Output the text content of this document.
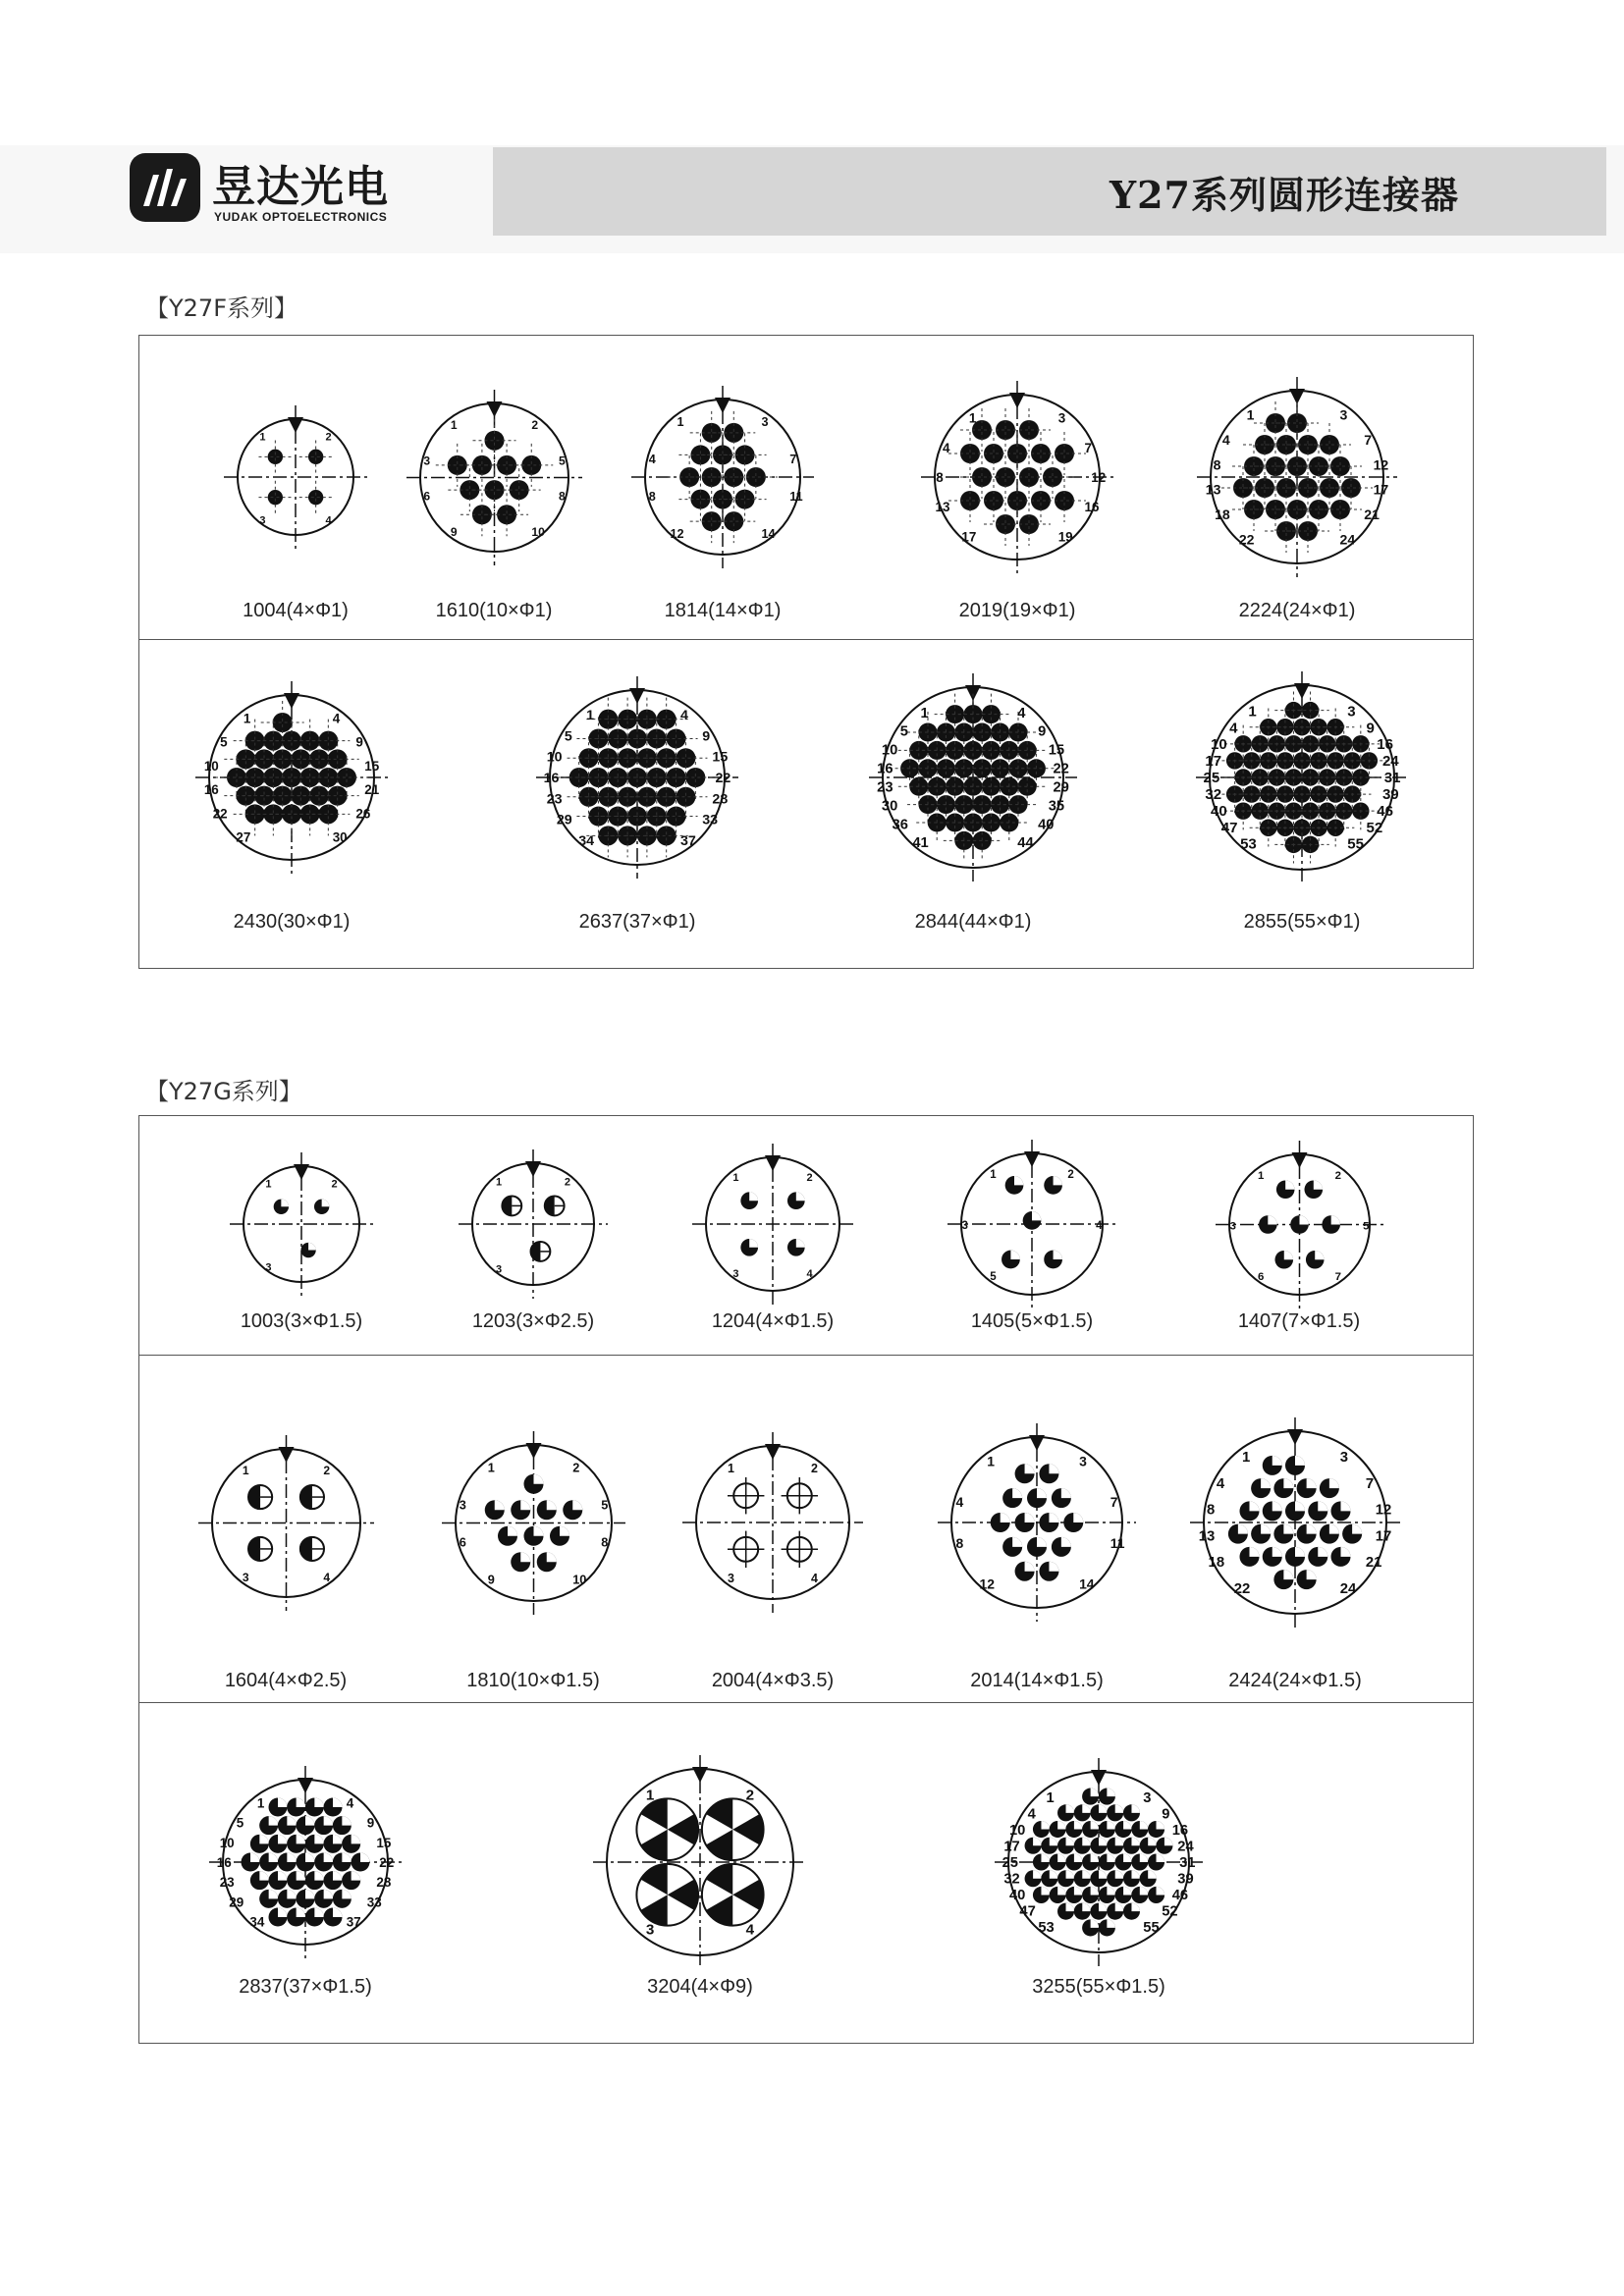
昱达光电
YUDAK OPTOELECTRONICS	Y27系列圆形连接器
【Y27F系列】
1	2
3	4
1004(4×Φ1)
1	2
3	5
6	8
9	10
1610(10×Φ1)
1	3
4	7
8	11
12	14
1814(14×Φ1)
1	3
4	7
8	12
13	16
17	19
2019(19×Φ1)
1	3
4	7
8	12
13	17
18	21
22	24
2224(24×Φ1)
1	4
5	9
10	15
16	21
22	26
27	30
2430(30×Φ1)
1	4
5	9
10	15
16	22
23	28
29	33
34	37
2637(37×Φ1)
1	4
5	9
10	15
16	22
23	29
30	35
36	40
41	44
2844(44×Φ1)
1	3
4	9
10	16
17	24
25	31
32	39
40	46
47	52
53	55
2855(55×Φ1)
【Y27G系列】
1	2
3
1003(3×Φ1.5)
1	2
3
1203(3×Φ2.5)
1	2
3	4
1204(4×Φ1.5)
1	2
3	4
5
1405(5×Φ1.5)
1	2
3	5
6	7
1407(7×Φ1.5)
1	2
3	4
1604(4×Φ2.5)
1	2
3	5
6	8
9	10
1810(10×Φ1.5)
1	2
3	4
2004(4×Φ3.5)
1	3
4	7
8	11
12	14
2014(14×Φ1.5)
1	3
4	7
8	12
13	17
18	21
22	24
2424(24×Φ1.5)
1	4
5	9
10	15
16	22
23	28
29	33
34	37
2837(37×Φ1.5)
1	2
3	4
3204(4×Φ9)
1	3
4	9
10	16
17	24
25	31
32	39
40	46
47	52
53	55
3255(55×Φ1.5)
